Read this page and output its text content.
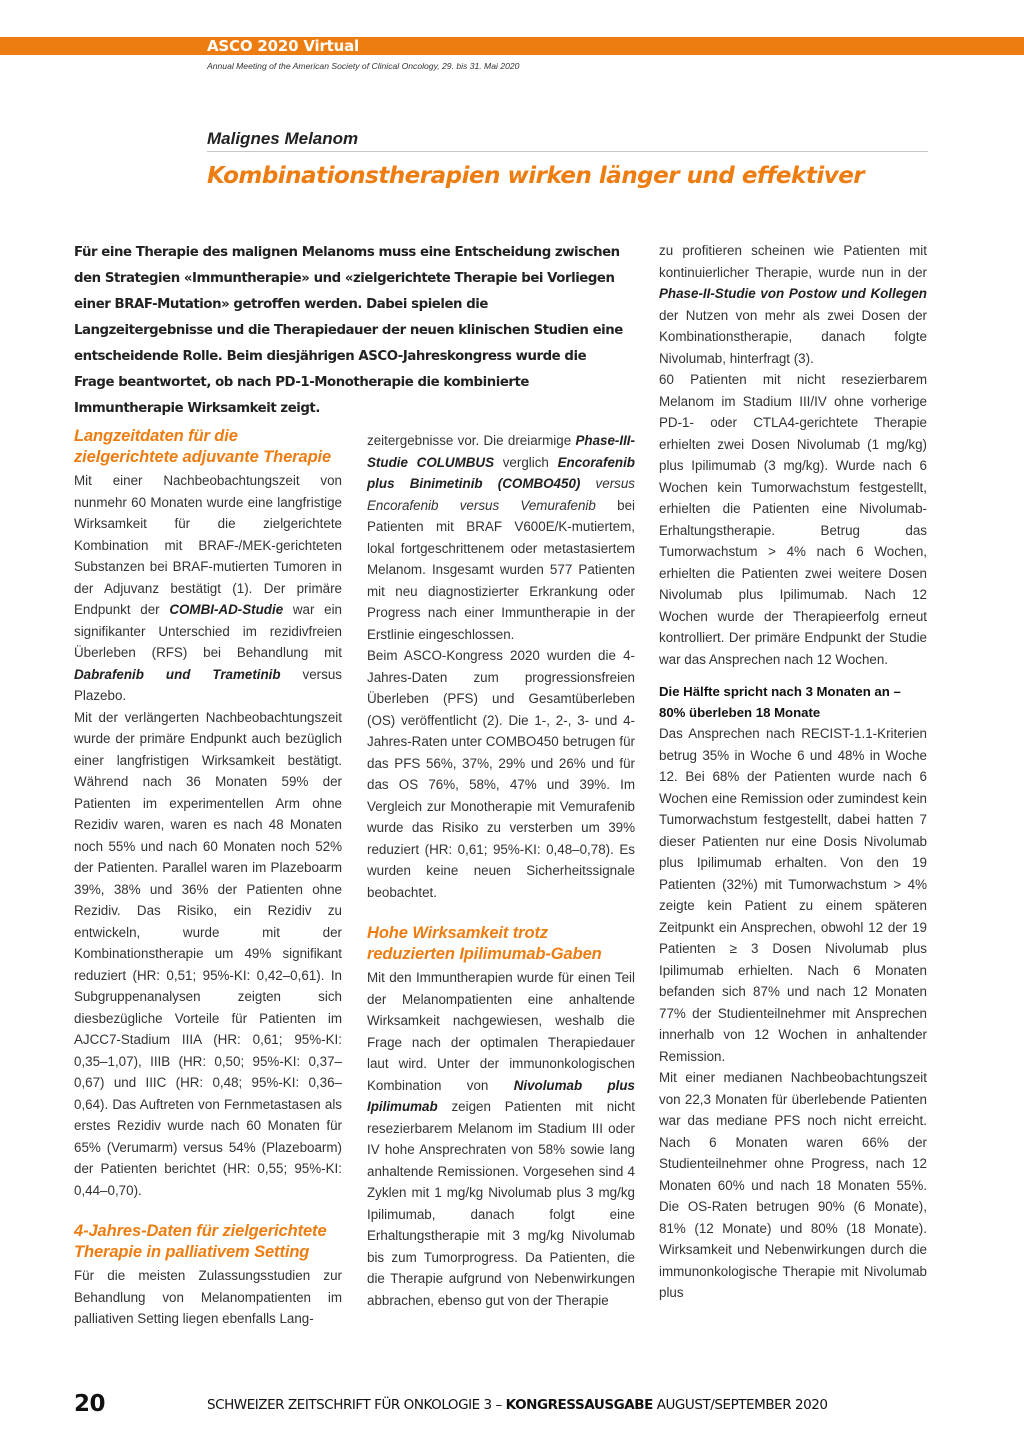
ASCO 2020 Virtual
Annual Meeting of the American Society of Clinical Oncology, 29. bis 31. Mai 2020
Malignes Melanom
Kombinationstherapien wirken länger und effektiver
Für eine Therapie des malignen Melanoms muss eine Entscheidung zwischen den Strategien «Immuntherapie» und «zielgerichtete Therapie bei Vorliegen einer BRAF-Mutation» getroffen werden. Dabei spielen die Langzeitergebnisse und die Therapiedauer der neuen klinischen Studien eine entscheidende Rolle. Beim diesjährigen ASCO-Jahreskongress wurde die Frage beantwortet, ob nach PD-1-Monotherapie die kombinierte Immuntherapie Wirksamkeit zeigt.
Langzeitdaten für die zielgerichtete adjuvante Therapie

Mit einer Nachbeobachtungszeit von nunmehr 60 Monaten wurde eine langfristige Wirksamkeit für die zielgerichtete Kombination mit BRAF-/MEK-gerichteten Substanzen bei BRAF-mutierten Tumoren in der Adjuvanz bestätigt (1). Der primäre Endpunkt der COMBI-AD-Studie war ein signifikanter Unterschied im rezidivfreien Überleben (RFS) bei Behandlung mit Dabrafenib und Trametinib versus Plazebo.

Mit der verlängerten Nachbeobachtungszeit wurde der primäre Endpunkt auch bezüglich einer langfristigen Wirksamkeit bestätigt. Während nach 36 Monaten 59% der Patienten im experimentellen Arm ohne Rezidiv waren, waren es nach 48 Monaten noch 55% und nach 60 Monaten noch 52% der Patienten. Parallel waren im Plazeboarm 39%, 38% und 36% der Patienten ohne Rezidiv. Das Risiko, ein Rezidiv zu entwickeln, wurde mit der Kombinationstherapie um 49% signifikant reduziert (HR: 0,51; 95%-KI: 0,42–0,61). In Subgruppenanalysen zeigten sich diesbezügliche Vorteile für Patienten im AJCC7-Stadium IIIA (HR: 0,61; 95%-KI: 0,35–1,07), IIIB (HR: 0,50; 95%-KI: 0,37–0,67) und IIIC (HR: 0,48; 95%-KI: 0,36–0,64). Das Auftreten von Fernmetastasen als erstes Rezidiv wurde nach 60 Monaten für 65% (Verumarm) versus 54% (Plazeboarm) der Patienten berichtet (HR: 0,55; 95%-KI: 0,44–0,70).

4-Jahres-Daten für zielgerichtete Therapie in palliativem Setting

Für die meisten Zulassungsstudien zur Behandlung von Melanompatienten im palliativen Setting liegen ebenfalls Lang-

zeitergebnisse vor. Die dreiarmige Phase-III-Studie COLUMBUS verglich Encorafenib plus Binimetinib (COMBO450) versus Encorafenib versus Vemurafenib bei Patienten mit BRAF V600E/K-mutiertem, lokal fortgeschrittenem oder metastasiertem Melanom. Insgesamt wurden 577 Patienten mit neu diagnostizierter Erkrankung oder Progress nach einer Immuntherapie in der Erstlinie eingeschlossen.

Beim ASCO-Kongress 2020 wurden die 4-Jahres-Daten zum progressionsfreien Überleben (PFS) und Gesamtüberleben (OS) veröffentlicht (2). Die 1-, 2-, 3- und 4-Jahres-Raten unter COMBO450 betrugen für das PFS 56%, 37%, 29% und 26% und für das OS 76%, 58%, 47% und 39%. Im Vergleich zur Monotherapie mit Vemurafenib wurde das Risiko zu versterben um 39% reduziert (HR: 0,61; 95%-KI: 0,48–0,78). Es wurden keine neuen Sicherheitssignale beobachtet.

Hohe Wirksamkeit trotz reduzierten Ipilimumab-Gaben

Mit den Immuntherapien wurde für einen Teil der Melanompatienten eine anhaltende Wirksamkeit nachgewiesen, weshalb die Frage nach der optimalen Therapiedauer laut wird. Unter der immunonkologischen Kombination von Nivolumab plus Ipilimumab zeigen Patienten mit nicht resezierbarem Melanom im Stadium III oder IV hohe Ansprechraten von 58% sowie lang anhaltende Remissionen. Vorgesehen sind 4 Zyklen mit 1 mg/kg Nivolumab plus 3 mg/kg Ipilimumab, danach folgt eine Erhaltungstherapie mit 3 mg/kg Nivolumab bis zum Tumorprogress. Da Patienten, die die Therapie aufgrund von Nebenwirkungen abbrachen, ebenso gut von der Therapie

zu profitieren scheinen wie Patienten mit kontinuierlicher Therapie, wurde nun in der Phase-II-Studie von Postow und Kollegen der Nutzen von mehr als zwei Dosen der Kombinationstherapie, danach folgte Nivolumab, hinterfragt (3).

60 Patienten mit nicht resezierbarem Melanom im Stadium III/IV ohne vorherige PD-1- oder CTLA4-gerichtete Therapie erhielten zwei Dosen Nivolumab (1 mg/kg) plus Ipilimumab (3 mg/kg). Wurde nach 6 Wochen kein Tumorwachstum festgestellt, erhielten die Patienten eine Nivolumab-Erhaltungstherapie. Betrug das Tumorwachstum > 4% nach 6 Wochen, erhielten die Patienten zwei weitere Dosen Nivolumab plus Ipilimumab. Nach 12 Wochen wurde der Therapieerfolg erneut kontrolliert. Der primäre Endpunkt der Studie war das Ansprechen nach 12 Wochen.

Die Hälfte spricht nach 3 Monaten an – 80% überleben 18 Monate

Das Ansprechen nach RECIST-1.1-Kriterien betrug 35% in Woche 6 und 48% in Woche 12. Bei 68% der Patienten wurde nach 6 Wochen eine Remission oder zumindest kein Tumorwachstum festgestellt, dabei hatten 7 dieser Patienten nur eine Dosis Nivolumab plus Ipilimumab erhalten. Von den 19 Patienten (32%) mit Tumorwachstum > 4% zeigte kein Patient zu einem späteren Zeitpunkt ein Ansprechen, obwohl 12 der 19 Patienten ≥ 3 Dosen Nivolumab plus Ipilimumab erhielten. Nach 6 Monaten befanden sich 87% und nach 12 Monaten 77% der Studienteilnehmer mit Ansprechen innerhalb von 12 Wochen in anhaltender Remission.

Mit einer medianen Nachbeobachtungszeit von 22,3 Monaten für überlebende Patienten war das mediane PFS noch nicht erreicht. Nach 6 Monaten waren 66% der Studienteilnehmer ohne Progress, nach 12 Monaten 60% und nach 18 Monaten 55%. Die OS-Raten betrugen 90% (6 Monate), 81% (12 Monate) und 80% (18 Monate). Wirksamkeit und Nebenwirkungen durch die immunonkologische Therapie mit Nivolumab plus

20	SCHWEIZER ZEITSCHRIFT FÜR ONKOLOGIE 3 – KONGRESSAUSGABE AUGUST/SEPTEMBER 2020
